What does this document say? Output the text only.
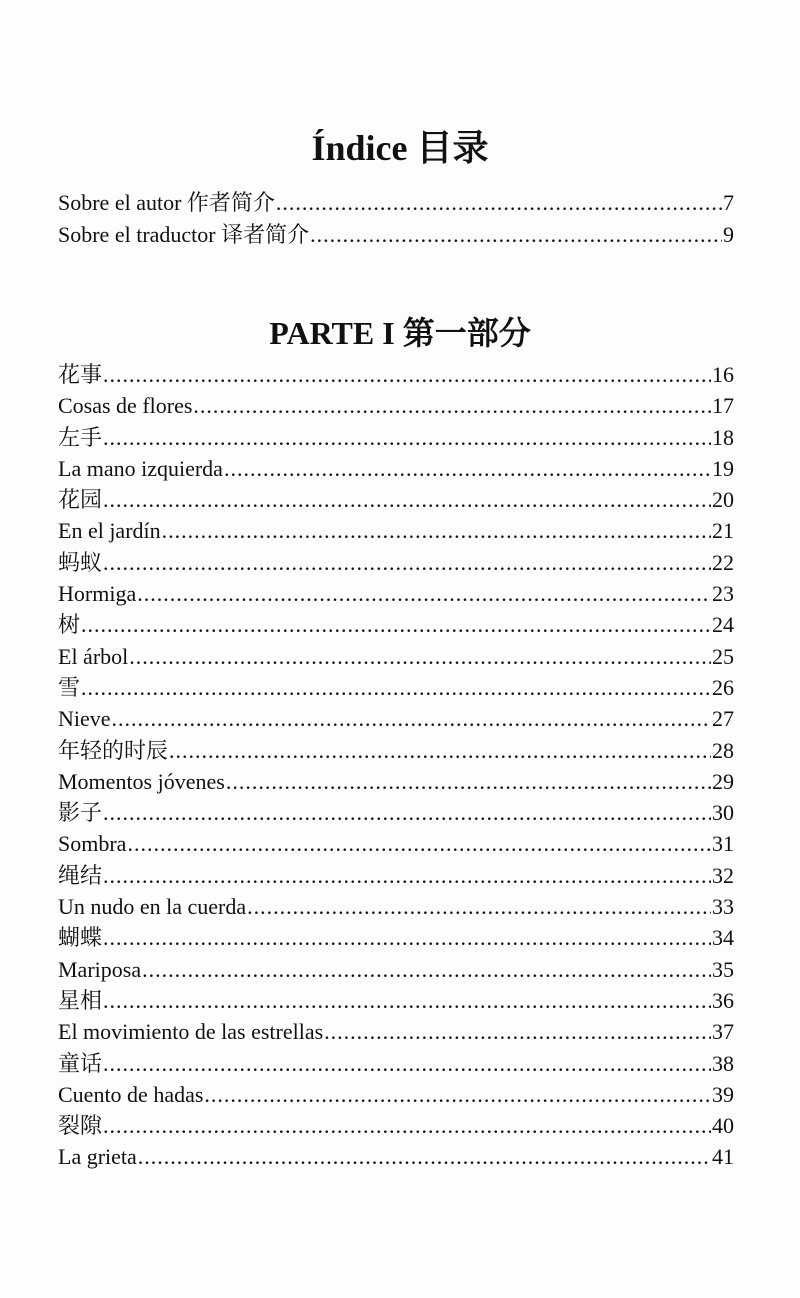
Índice 目录
Sobre el autor 作者简介 .....	7
Sobre el traductor 译者简介 .....	9
PARTE I 第一部分
花事 .....	16
Cosas de flores .....	17
左手 .....	18
La mano izquierda .....	19
花园 .....	20
En el jardín .....	21
蚂蚁 .....	22
Hormiga .....	23
树 .....	24
El árbol .....	25
雪 .....	26
Nieve .....	27
年轻的时辰 .....	28
Momentos jóvenes .....	29
影子 .....	30
Sombra .....	31
绳结 .....	32
Un nudo en la cuerda .....	33
蝴蝶 .....	34
Mariposa .....	35
星相 .....	36
El movimiento de las estrellas .....	37
童话 .....	38
Cuento de hadas .....	39
裂隙 .....	40
La grieta .....	41
